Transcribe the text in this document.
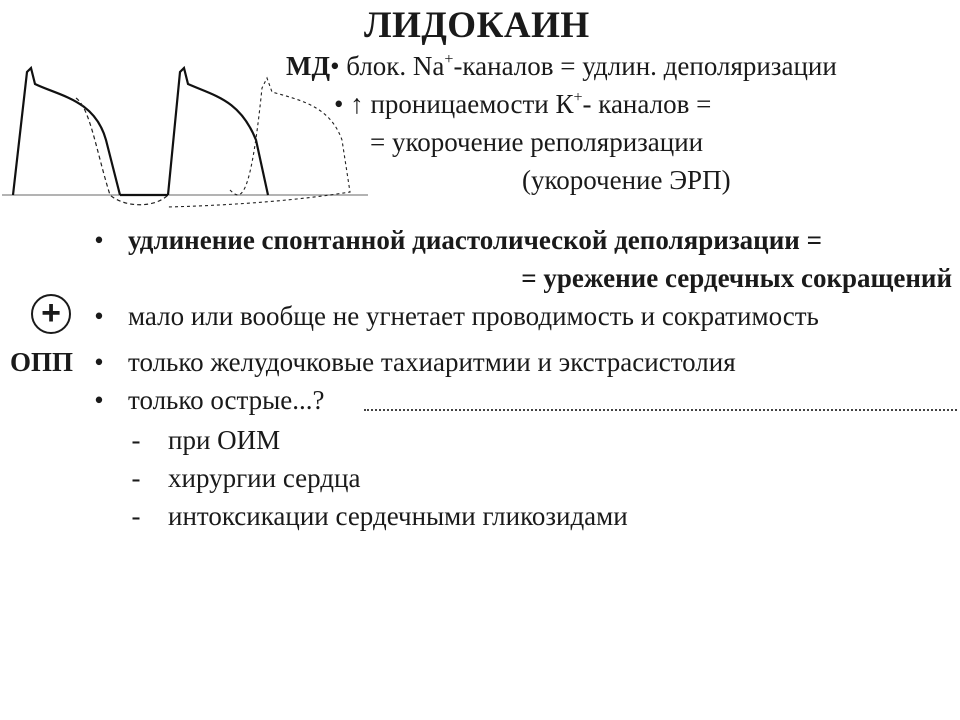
ЛИДОКАИН
МД• блок. Na+-каналов = удлин. деполяризации
• ↑ проницаемости К+- каналов =
= укорочение реполяризации
(укорочение ЭРП)
• удлинение спонтанной диастолической деполяризации =
= урежение сердечных сокращений
+	• мало или вообще не угнетает проводимость и сократимость
ОПП • только желудочковые тахиаритмии и экстрасистолия
• только острые...?
- при ОИМ
- хирургии сердца
- интоксикации сердечными гликозидами
